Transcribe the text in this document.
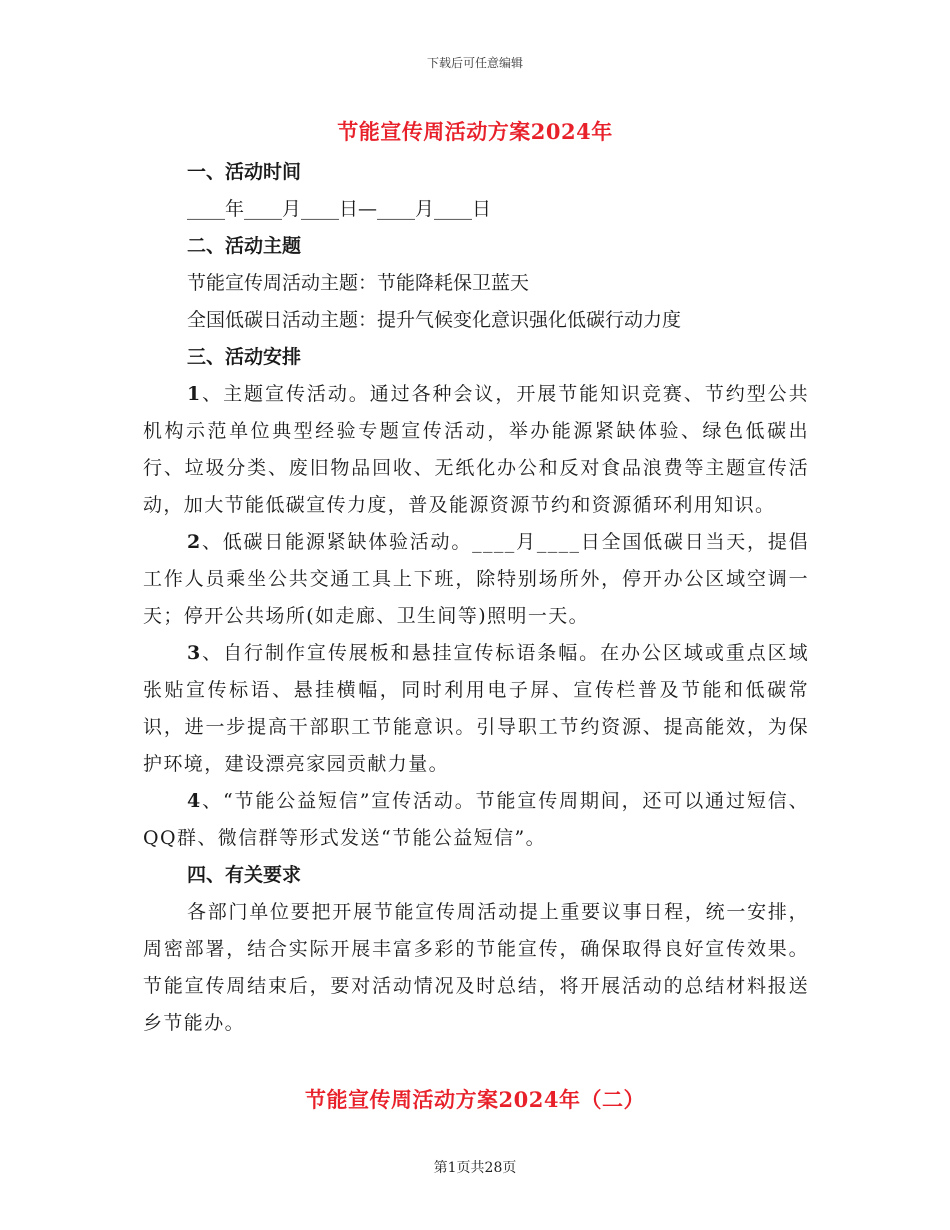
下载后可任意编辑
节能宣传周活动方案2024年

一、活动时间

____年____月____日—____月____日

二、活动主题

节能宣传周活动主题：节能降耗保卫蓝天

全国低碳日活动主题：提升气候变化意识强化低碳行动力度

三、活动安排

1、主题宣传活动。通过各种会议，开展节能知识竞赛、节约型公共机构示范单位典型经验专题宣传活动，举办能源紧缺体验、绿色低碳出行、垃圾分类、废旧物品回收、无纸化办公和反对食品浪费等主题宣传活动，加大节能低碳宣传力度，普及能源资源节约和资源循环利用知识。

2、低碳日能源紧缺体验活动。____月____日全国低碳日当天，提倡工作人员乘坐公共交通工具上下班，除特别场所外，停开办公区域空调一天；停开公共场所(如走廊、卫生间等)照明一天。

3、自行制作宣传展板和悬挂宣传标语条幅。在办公区域或重点区域张贴宣传标语、悬挂横幅，同时利用电子屏、宣传栏普及节能和低碳常识，进一步提高干部职工节能意识。引导职工节约资源、提高能效，为保护环境，建设漂亮家园贡献力量。

4、“节能公益短信”宣传活动。节能宣传周期间，还可以通过短信、QQ群、微信群等形式发送“节能公益短信”。

四、有关要求

各部门单位要把开展节能宣传周活动提上重要议事日程，统一安排，周密部署，结合实际开展丰富多彩的节能宣传，确保取得良好宣传效果。节能宣传周结束后，要对活动情况及时总结，将开展活动的总结材料报送乡节能办。

节能宣传周活动方案2024年（二）
第1页共28页
